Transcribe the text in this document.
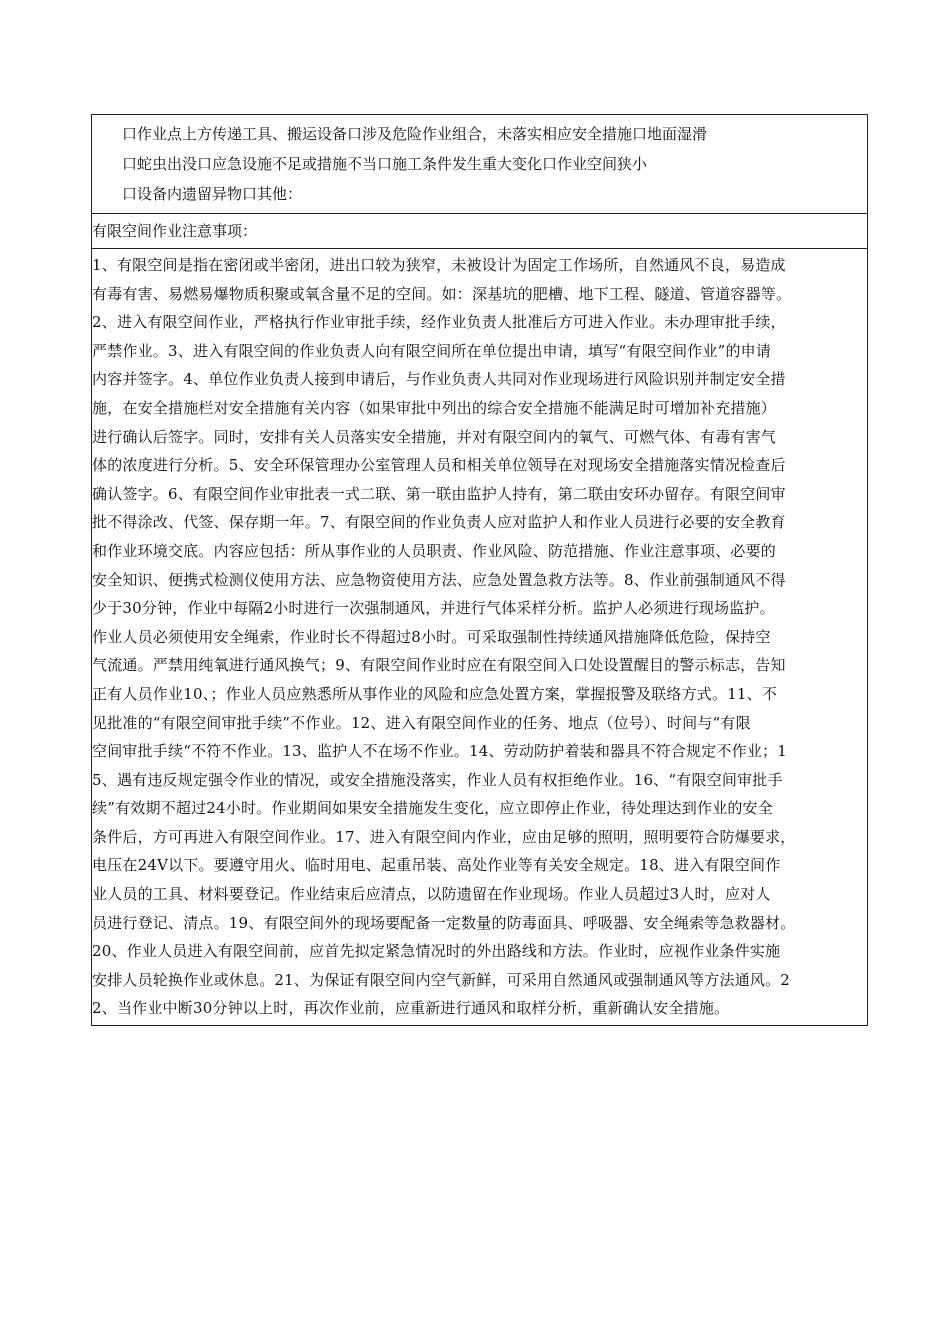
口作业点上方传递工具、搬运设备口涉及危险作业组合，未落实相应安全措施口地面湿滑
口蛇虫出没口应急设施不足或措施不当口施工条件发生重大变化口作业空间狭小
口设备内遗留异物口其他：
有限空间作业注意事项：
1、有限空间是指在密闭或半密闭，进出口较为狭窄，未被设计为固定工作场所，自然通风不良，易造成
有毒有害、易燃易爆物质积聚或氧含量不足的空间。如：深基坑的肥槽、地下工程、隧道、管道容器等。
2、进入有限空间作业，严格执行作业审批手续，经作业负责人批准后方可进入作业。未办理审批手续，
严禁作业。3、进入有限空间的作业负责人向有限空间所在单位提出申请，填写“有限空间作业”的申请
内容并签字。4、单位作业负责人接到申请后，与作业负责人共同对作业现场进行风险识别并制定安全措
施，在安全措施栏对安全措施有关内容（如果审批中列出的综合安全措施不能满足时可增加补充措施）
进行确认后签字。同时，安排有关人员落实安全措施，并对有限空间内的氧气、可燃气体、有毒有害气
体的浓度进行分析。5、安全环保管理办公室管理人员和相关单位领导在对现场安全措施落实情况检查后
确认签字。6、有限空间作业审批表一式二联、第一联由监护人持有，第二联由安环办留存。有限空间审
批不得涂改、代签、保存期一年。7、有限空间的作业负责人应对监护人和作业人员进行必要的安全教育
和作业环境交底。内容应包括：所从事作业的人员职责、作业风险、防范措施、作业注意事项、必要的
安全知识、便携式检测仪使用方法、应急物资使用方法、应急处置急救方法等。8、作业前强制通风不得
少于30分钟，作业中每隔2小时进行一次强制通风，并进行气体采样分析。监护人必须进行现场监护。
作业人员必须使用安全绳索，作业时长不得超过8小时。可采取强制性持续通风措施降低危险，保持空
气流通。严禁用纯氧进行通风换气；9、有限空间作业时应在有限空间入口处设置醒目的警示标志，告知
正有人员作业10、；作业人员应熟悉所从事作业的风险和应急处置方案，掌握报警及联络方式。11、不
见批准的“有限空间审批手续”不作业。12、进入有限空间作业的任务、地点（位号）、时间与“有限
空间审批手续“不符不作业。13、监护人不在场不作业。14、劳动防护着装和器具不符合规定不作业；1
5、遇有违反规定强令作业的情况，或安全措施没落实，作业人员有权拒绝作业。16、“有限空间审批手
续”有效期不超过24小时。作业期间如果安全措施发生变化，应立即停止作业，待处理达到作业的安全
条件后，方可再进入有限空间作业。17、进入有限空间内作业，应由足够的照明，照明要符合防爆要求，
电压在24V以下。要遵守用火、临时用电、起重吊装、高处作业等有关安全规定。18、进入有限空间作
业人员的工具、材料要登记。作业结束后应清点，以防遗留在作业现场。作业人员超过3人时，应对人
员进行登记、清点。19、有限空间外的现场要配备一定数量的防毒面具、呼吸器、安全绳索等急救器材。
20、作业人员进入有限空间前，应首先拟定紧急情况时的外出路线和方法。作业时，应视作业条件实施
安排人员轮换作业或休息。21、为保证有限空间内空气新鲜，可采用自然通风或强制通风等方法通风。2
2、当作业中断30分钟以上时，再次作业前，应重新进行通风和取样分析，重新确认安全措施。
